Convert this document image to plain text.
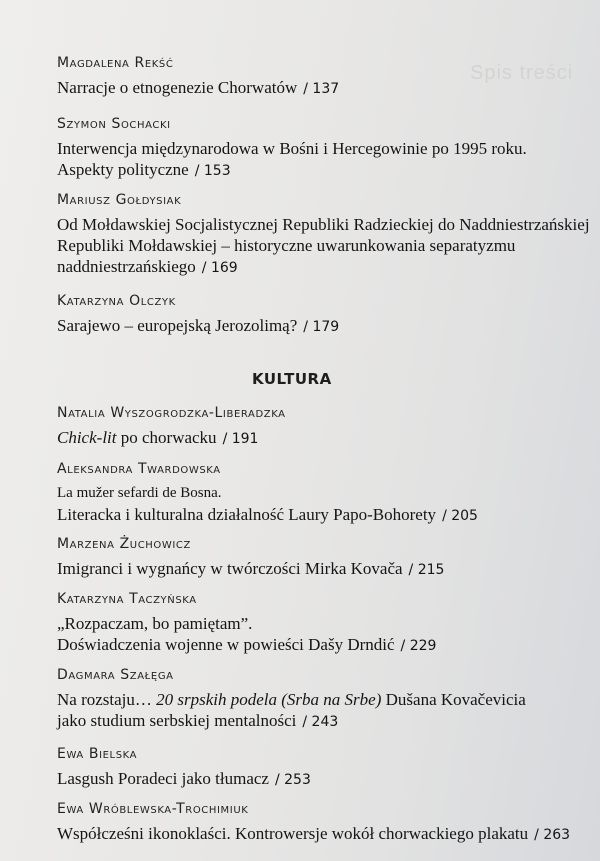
Spis treści

Magdalena Rekść

Narracje o etnogenezie Chorwatów / 137

Szymon Sochacki

Interwencja międzynarodowa w Bośni i Hercegowinie po 1995 roku.

Aspekty polityczne / 153

Mariusz Gołdysiak

Od Mołdawskiej Socjalistycznej Republiki Radzieckiej do Naddniestrzańskiej

Republiki Mołdawskiej – historyczne uwarunkowania separatyzmu

naddniestrzańskiego / 169

Katarzyna Olczyk

Sarajewo – europejską Jerozolimą? / 179

KULTURA

Natalia Wyszogrodzka-Liberadzka

Chick-lit po chorwacku / 191

Aleksandra Twardowska

La mužer sefardi de Bosna.

Literacka i kulturalna działalność Laury Papo-Bohorety / 205

Marzena Żuchowicz

Imigranci i wygnańcy w twórczości Mirka Kovača / 215

Katarzyna Taczyńska

„Rozpaczam, bo pamiętam”.

Doświadczenia wojenne w powieści Dašy Drndić / 229

Dagmara Szałęga

Na rozstaju… 20 srpskih podela (Srba na Srbe) Dušana Kovačevicia

jako studium serbskiej mentalności / 243

Ewa Bielska

Lasgush Poradeci jako tłumacz / 253

Ewa Wróblewska-Trochimiuk

Współcześni ikonoklaści. Kontrowersje wokół chorwackiego plakatu / 263
